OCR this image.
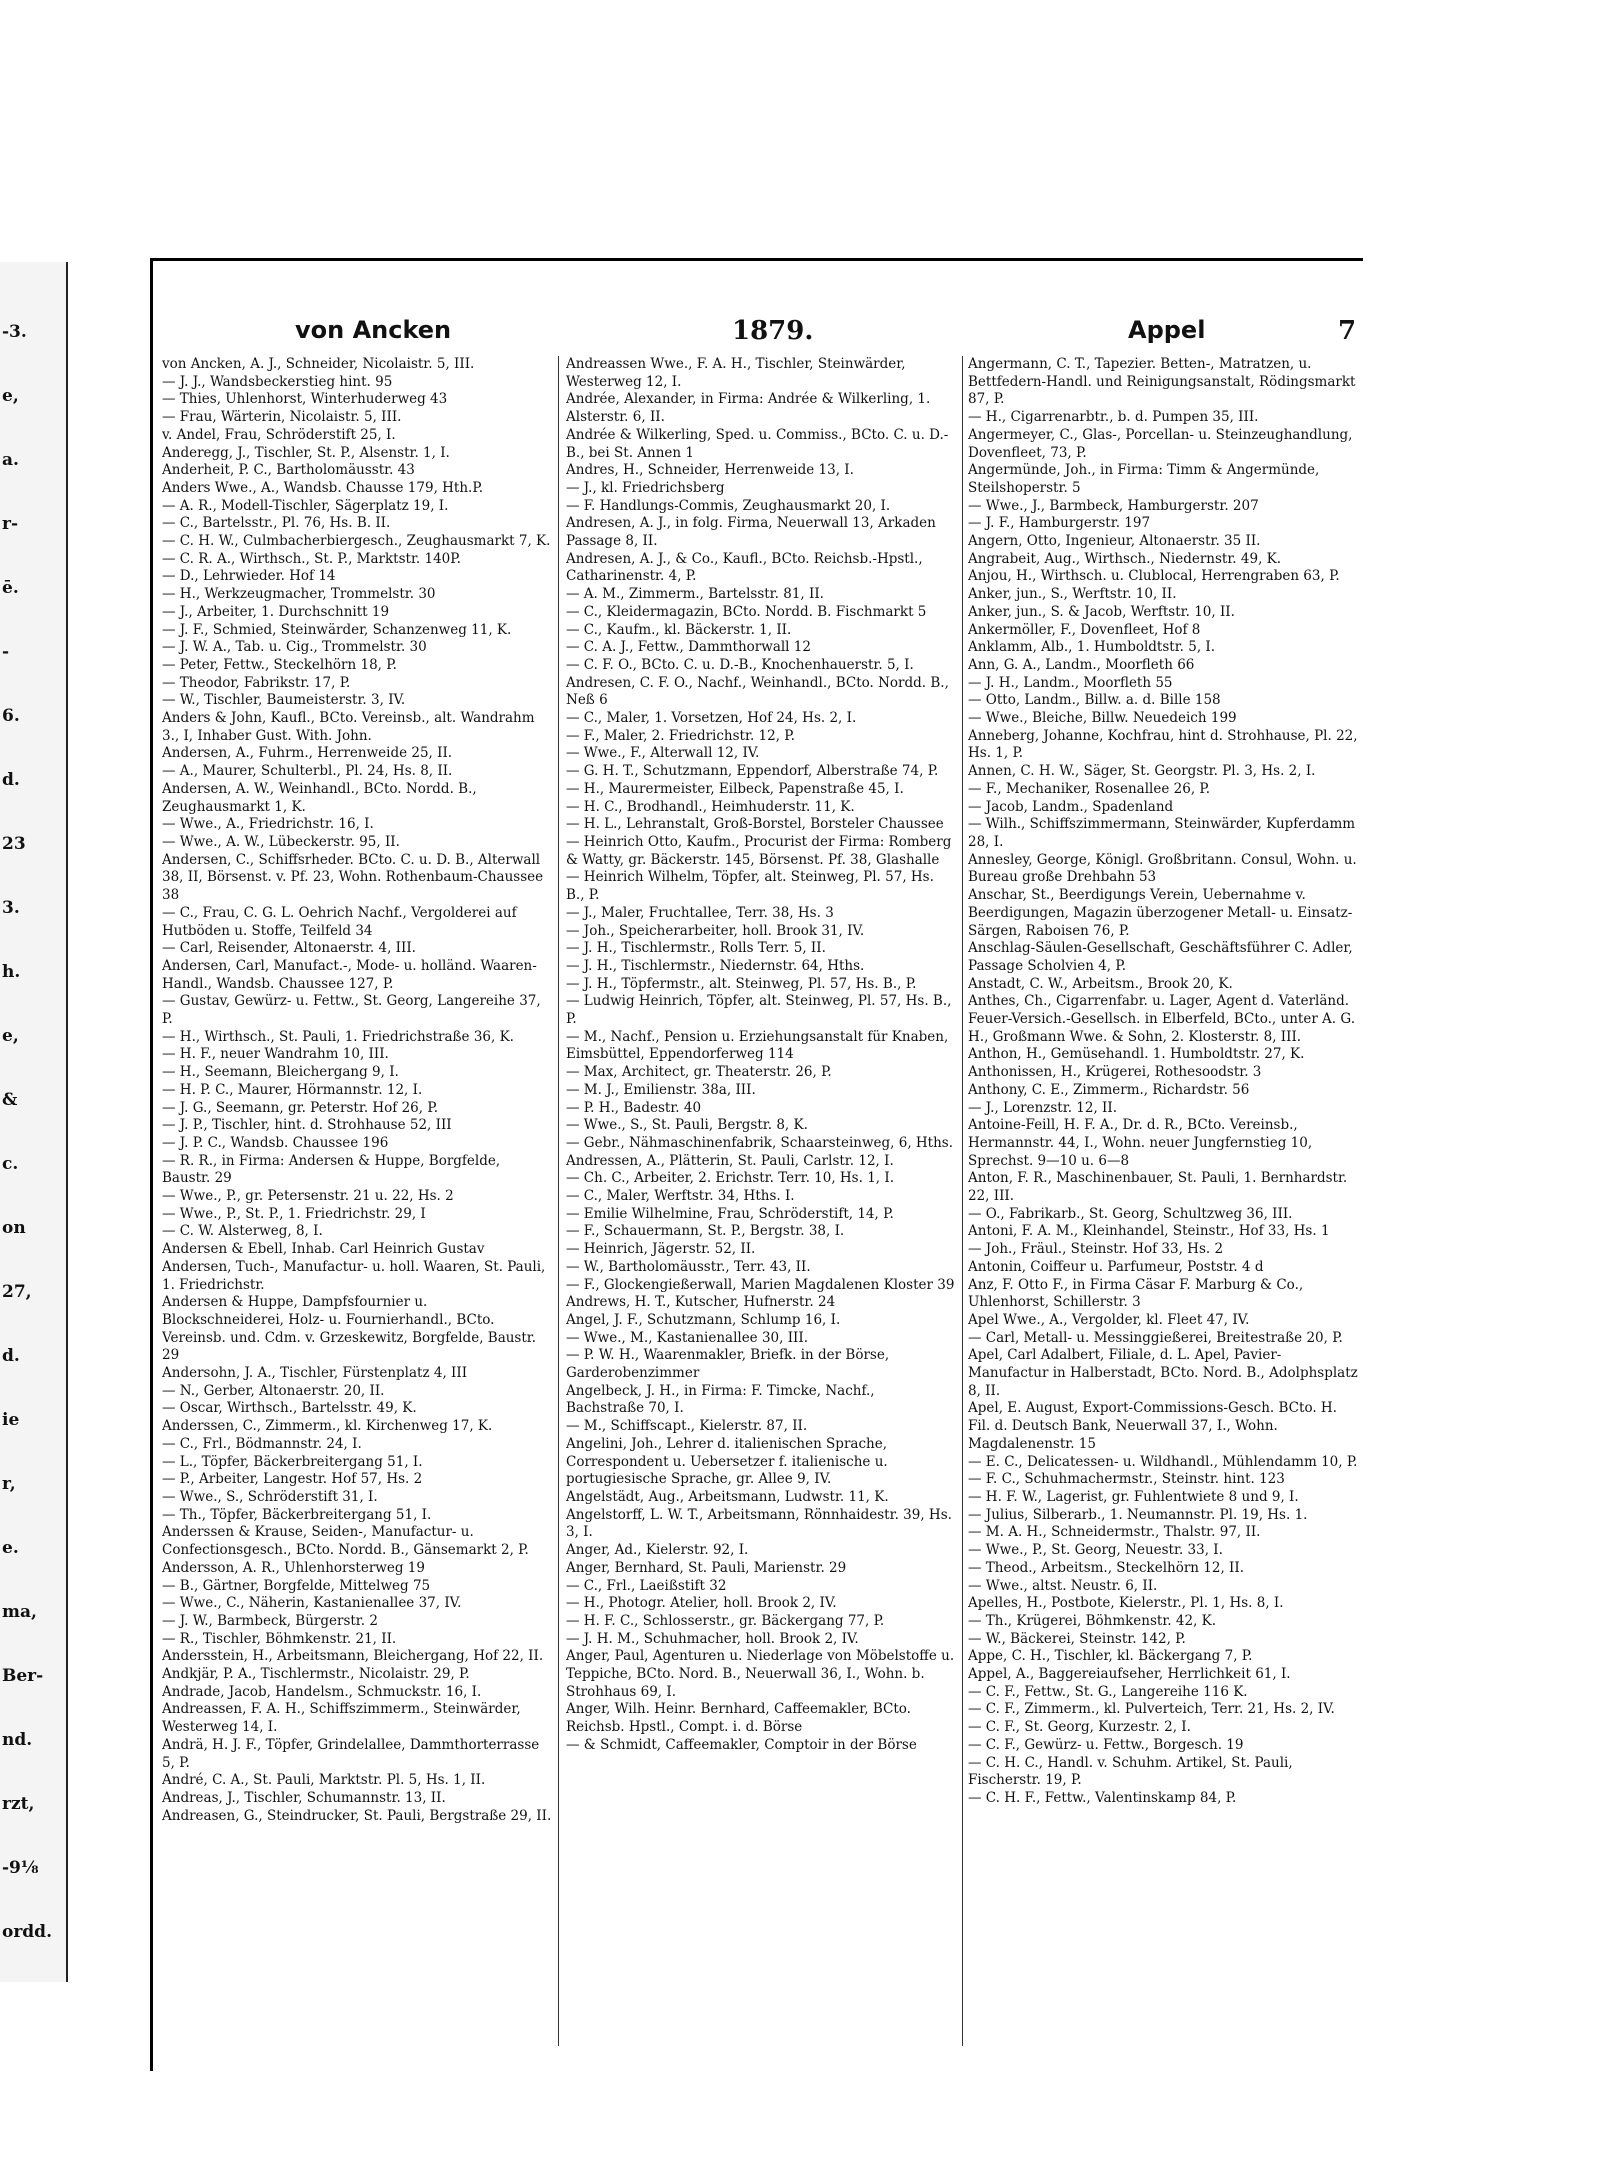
-3.
e,
a.
r-
ē.
-
6.
d.
23
3.
h.
e,
&
c.
on
27,
d.
ie
r,
e.
ma,
Ber-
nd.
rzt,
-9⅛
ordd.
von Ancken	1879.	Appel	7
von Ancken, A. J., Schneider, Nicolaistr. 5, III.
— J. J., Wandsbeckerstieg hint. 95
— Thies, Uhlenhorst, Winterhuderweg 43
— Frau, Wärterin, Nicolaistr. 5, III.
v. Andel, Frau, Schröderstift 25, I.
Anderegg, J., Tischler, St. P., Alsenstr. 1, I.
Anderheit, P. C., Bartholomäusstr. 43
Anders Wwe., A., Wandsb. Chausse 179, Hth.P.
— A. R., Modell-Tischler, Sägerplatz 19, I.
— C., Bartelsstr., Pl. 76, Hs. B. II.
— C. H. W., Culmbacherbiergesch., Zeughausmarkt 7, K.
— C. R. A., Wirthsch., St. P., Marktstr. 140P.
— D., Lehrwieder. Hof 14
— H., Werkzeugmacher, Trommelstr. 30
— J., Arbeiter, 1. Durchschnitt 19
— J. F., Schmied, Steinwärder, Schanzenweg 11, K.
— J. W. A., Tab. u. Cig., Trommelstr. 30
— Peter, Fettw., Steckelhörn 18, P.
— Theodor, Fabrikstr. 17, P.
— W., Tischler, Baumeisterstr. 3, IV.
Anders & John, Kaufl., BCto. Vereinsb., alt. Wandrahm 3., I, Inhaber Gust. With. John.
Andersen, A., Fuhrm., Herrenweide 25, II.
— A., Maurer, Schulterbl., Pl. 24, Hs. 8, II.
Andersen, A. W., Weinhandl., BCto. Nordd. B., Zeughausmarkt 1, K.
— Wwe., A., Friedrichstr. 16, I.
— Wwe., A. W., Lübeckerstr. 95, II.
Andersen, C., Schiffsrheder. BCto. C. u. D. B., Alterwall 38, II, Börsenst. v. Pf. 23, Wohn. Rothenbaum-Chaussee 38
— C., Frau, C. G. L. Oehrich Nachf., Vergolderei auf Hutböden u. Stoffe, Teilfeld 34
— Carl, Reisender, Altonaerstr. 4, III.
Andersen, Carl, Manufact.-, Mode- u. holländ. Waaren-Handl., Wandsb. Chaussee 127, P.
— Gustav, Gewürz- u. Fettw., St. Georg, Langereihe 37, P.
— H., Wirthsch., St. Pauli, 1. Friedrichstraße 36, K.
— H. F., neuer Wandrahm 10, III.
— H., Seemann, Bleichergang 9, I.
— H. P. C., Maurer, Hörmannstr. 12, I.
— J. G., Seemann, gr. Peterstr. Hof 26, P.
— J. P., Tischler, hint. d. Strohhause 52, III
— J. P. C., Wandsb. Chaussee 196
— R. R., in Firma: Andersen & Huppe, Borgfelde, Baustr. 29
— Wwe., P., gr. Petersenstr. 21 u. 22, Hs. 2
— Wwe., P., St. P., 1. Friedrichstr. 29, I
— C. W. Alsterweg, 8, I.
Andersen & Ebell, Inhab. Carl Heinrich Gustav Andersen, Tuch-, Manufactur- u. holl. Waaren, St. Pauli, 1. Friedrichstr.
Andersen & Huppe, Dampfsfournier u. Blockschneiderei, Holz- u. Fournierhandl., BCto. Vereinsb. und. Cdm. v. Grzeskewitz, Borgfelde, Baustr. 29
Andersohn, J. A., Tischler, Fürstenplatz 4, III
— N., Gerber, Altonaerstr. 20, II.
— Oscar, Wirthsch., Bartelsstr. 49, K.
Anderssen, C., Zimmerm., kl. Kirchenweg 17, K.
— C., Frl., Bödmannstr. 24, I.
— L., Töpfer, Bäckerbreitergang 51, I.
— P., Arbeiter, Langestr. Hof 57, Hs. 2
— Wwe., S., Schröderstift 31, I.
— Th., Töpfer, Bäckerbreitergang 51, I.
Anderssen & Krause, Seiden-, Manufactur- u. Confectionsgesch., BCto. Nordd. B., Gänsemarkt 2, P.
Andersson, A. R., Uhlenhorsterweg 19
— B., Gärtner, Borgfelde, Mittelweg 75
— Wwe., C., Näherin, Kastanienallee 37, IV.
— J. W., Barmbeck, Bürgerstr. 2
— R., Tischler, Böhmkenstr. 21, II.
Andersstein, H., Arbeitsmann, Bleichergang, Hof 22, II.
Andkjär, P. A., Tischlermstr., Nicolaistr. 29, P.
Andrade, Jacob, Handelsm., Schmuckstr. 16, I.
Andreassen, F. A. H., Schiffszimmerm., Steinwärder, Westerweg 14, I.
Andrä, H. J. F., Töpfer, Grindelallee, Dammthorterrasse 5, P.
André, C. A., St. Pauli, Marktstr. Pl. 5, Hs. 1, II.
Andreas, J., Tischler, Schumannstr. 13, II.
Andreasen, G., Steindrucker, St. Pauli, Bergstraße 29, II.
Andreassen Wwe., F. A. H., Tischler, Steinwärder, Westerweg 12, I.
Andrée, Alexander, in Firma: Andrée & Wilkerling, 1. Alsterstr. 6, II.
Andrée & Wilkerling, Sped. u. Commiss., BCto. C. u. D.-B., bei St. Annen 1
Andres, H., Schneider, Herrenweide 13, I.
— J., kl. Friedrichsberg
— F. Handlungs-Commis, Zeughausmarkt 20, I.
Andresen, A. J., in folg. Firma, Neuerwall 13, Arkaden Passage 8, II.
Andresen, A. J., & Co., Kaufl., BCto. Reichsb.-Hpstl., Catharinenstr. 4, P.
— A. M., Zimmerm., Bartelsstr. 81, II.
— C., Kleidermagazin, BCto. Nordd. B. Fischmarkt 5
— C., Kaufm., kl. Bäckerstr. 1, II.
— C. A. J., Fettw., Dammthorwall 12
— C. F. O., BCto. C. u. D.-B., Knochenhauerstr. 5, I.
Andresen, C. F. O., Nachf., Weinhandl., BCto. Nordd. B., Neß 6
— C., Maler, 1. Vorsetzen, Hof 24, Hs. 2, I.
— F., Maler, 2. Friedrichstr. 12, P.
— Wwe., F., Alterwall 12, IV.
— G. H. T., Schutzmann, Eppendorf, Alberstraße 74, P.
— H., Maurermeister, Eilbeck, Papenstraße 45, I.
— H. C., Brodhandl., Heimhuderstr. 11, K.
— H. L., Lehranstalt, Groß-Borstel, Borsteler Chaussee
— Heinrich Otto, Kaufm., Procurist der Firma: Romberg & Watty, gr. Bäckerstr. 145, Börsenst. Pf. 38, Glashalle
— Heinrich Wilhelm, Töpfer, alt. Steinweg, Pl. 57, Hs. B., P.
— J., Maler, Fruchtallee, Terr. 38, Hs. 3
— Joh., Speicherarbeiter, holl. Brook 31, IV.
— J. H., Tischlermstr., Rolls Terr. 5, II.
— J. H., Tischlermstr., Niedernstr. 64, Hths.
— J. H., Töpfermstr., alt. Steinweg, Pl. 57, Hs. B., P.
— Ludwig Heinrich, Töpfer, alt. Steinweg, Pl. 57, Hs. B., P.
— M., Nachf., Pension u. Erziehungsanstalt für Knaben, Eimsbüttel, Eppendorferweg 114
— Max, Architect, gr. Theaterstr. 26, P.
— M. J., Emilienstr. 38a, III.
— P. H., Badestr. 40
— Wwe., S., St. Pauli, Bergstr. 8, K.
— Gebr., Nähmaschinenfabrik, Schaarsteinweg, 6, Hths.
Andressen, A., Plätterin, St. Pauli, Carlstr. 12, I.
— Ch. C., Arbeiter, 2. Erichstr. Terr. 10, Hs. 1, I.
— C., Maler, Werftstr. 34, Hths. I.
— Emilie Wilhelmine, Frau, Schröderstift, 14, P.
— F., Schauermann, St. P., Bergstr. 38, I.
— Heinrich, Jägerstr. 52, II.
— W., Bartholomäusstr., Terr. 43, II.
— F., Glockengießerwall, Marien Magdalenen Kloster 39
Andrews, H. T., Kutscher, Hufnerstr. 24
Angel, J. F., Schutzmann, Schlump 16, I.
— Wwe., M., Kastanienallee 30, III.
— P. W. H., Waarenmakler, Briefk. in der Börse, Garderobenzimmer
Angelbeck, J. H., in Firma: F. Timcke, Nachf., Bachstraße 70, I.
— M., Schiffscapt., Kielerstr. 87, II.
Angelini, Joh., Lehrer d. italienischen Sprache, Correspondent u. Uebersetzer f. italienische u. portugiesische Sprache, gr. Allee 9, IV.
Angelstädt, Aug., Arbeitsmann, Ludwstr. 11, K.
Angelstorff, L. W. T., Arbeitsmann, Rönnhaidestr. 39, Hs. 3, I.
Anger, Ad., Kielerstr. 92, I.
Anger, Bernhard, St. Pauli, Marienstr. 29
— C., Frl., Laeißstift 32
— H., Photogr. Atelier, holl. Brook 2, IV.
— H. F. C., Schlosserstr., gr. Bäckergang 77, P.
— J. H. M., Schuhmacher, holl. Brook 2, IV.
Anger, Paul, Agenturen u. Niederlage von Möbelstoffe u. Teppiche, BCto. Nord. B., Neuerwall 36, I., Wohn. b. Strohhaus 69, I.
Anger, Wilh. Heinr. Bernhard, Caffeemakler, BCto. Reichsb. Hpstl., Compt. i. d. Börse
— & Schmidt, Caffeemakler, Comptoir in der Börse
Angermann, C. T., Tapezier. Betten-, Matratzen, u. Bettfedern-Handl. und Reinigungsanstalt, Rödingsmarkt 87, P.
— H., Cigarrenarbtr., b. d. Pumpen 35, III.
Angermeyer, C., Glas-, Porcellan- u. Steinzeughandlung, Dovenfleet, 73, P.
Angermünde, Joh., in Firma: Timm & Angermünde, Steilshoperstr. 5
— Wwe., J., Barmbeck, Hamburgerstr. 207
— J. F., Hamburgerstr. 197
Angern, Otto, Ingenieur, Altonaerstr. 35 II.
Angrabeit, Aug., Wirthsch., Niedernstr. 49, K.
Anjou, H., Wirthsch. u. Clublocal, Herrengraben 63, P.
Anker, jun., S., Werftstr. 10, II.
Anker, jun., S. & Jacob, Werftstr. 10, II.
Ankermöller, F., Dovenfleet, Hof 8
Anklamm, Alb., 1. Humboldtstr. 5, I.
Ann, G. A., Landm., Moorfleth 66
— J. H., Landm., Moorfleth 55
— Otto, Landm., Billw. a. d. Bille 158
— Wwe., Bleiche, Billw. Neuedeich 199
Anneberg, Johanne, Kochfrau, hint d. Strohhause, Pl. 22, Hs. 1, P.
Annen, C. H. W., Säger, St. Georgstr. Pl. 3, Hs. 2, I.
— F., Mechaniker, Rosenallee 26, P.
— Jacob, Landm., Spadenland
— Wilh., Schiffszimmermann, Steinwärder, Kupferdamm 28, I.
Annesley, George, Königl. Großbritann. Consul, Wohn. u. Bureau große Drehbahn 53
Anschar, St., Beerdigungs Verein, Uebernahme v. Beerdigungen, Magazin überzogener Metall- u. Einsatz-Särgen, Raboisen 76, P.
Anschlag-Säulen-Gesellschaft, Geschäftsführer C. Adler, Passage Scholvien 4, P.
Anstadt, C. W., Arbeitsm., Brook 20, K.
Anthes, Ch., Cigarrenfabr. u. Lager, Agent d. Vaterländ. Feuer-Versich.-Gesellsch. in Elberfeld, BCto., unter A. G. H., Großmann Wwe. & Sohn, 2. Klosterstr. 8, III.
Anthon, H., Gemüsehandl. 1. Humboldtstr. 27, K.
Anthonissen, H., Krügerei, Rothesoodstr. 3
Anthony, C. E., Zimmerm., Richardstr. 56
— J., Lorenzstr. 12, II.
Antoine-Feill, H. F. A., Dr. d. R., BCto. Vereinsb., Hermannstr. 44, I., Wohn. neuer Jungfernstieg 10, Sprechst. 9—10 u. 6—8
Anton, F. R., Maschinenbauer, St. Pauli, 1. Bernhardstr. 22, III.
— O., Fabrikarb., St. Georg, Schultzweg 36, III.
Antoni, F. A. M., Kleinhandel, Steinstr., Hof 33, Hs. 1
— Joh., Fräul., Steinstr. Hof 33, Hs. 2
Antonin, Coiffeur u. Parfumeur, Poststr. 4 d
Anz, F. Otto F., in Firma Cäsar F. Marburg & Co., Uhlenhorst, Schillerstr. 3
Apel Wwe., A., Vergolder, kl. Fleet 47, IV.
— Carl, Metall- u. Messinggießerei, Breitestraße 20, P.
Apel, Carl Adalbert, Filiale, d. L. Apel, Pavier-Manufactur in Halberstadt, BCto. Nord. B., Adolphsplatz 8, II.
Apel, E. August, Export-Commissions-Gesch. BCto. H. Fil. d. Deutsch Bank, Neuerwall 37, I., Wohn. Magdalenenstr. 15
— E. C., Delicatessen- u. Wildhandl., Mühlendamm 10, P.
— F. C., Schuhmachermstr., Steinstr. hint. 123
— H. F. W., Lagerist, gr. Fuhlentwiete 8 und 9, I.
— Julius, Silberarb., 1. Neumannstr. Pl. 19, Hs. 1.
— M. A. H., Schneidermstr., Thalstr. 97, II.
— Wwe., P., St. Georg, Neuestr. 33, I.
— Theod., Arbeitsm., Steckelhörn 12, II.
— Wwe., altst. Neustr. 6, II.
Apelles, H., Postbote, Kielerstr., Pl. 1, Hs. 8, I.
— Th., Krügerei, Böhmkenstr. 42, K.
— W., Bäckerei, Steinstr. 142, P.
Appe, C. H., Tischler, kl. Bäckergang 7, P.
Appel, A., Baggereiaufseher, Herrlichkeit 61, I.
— C. F., Fettw., St. G., Langereihe 116 K.
— C. F., Zimmerm., kl. Pulverteich, Terr. 21, Hs. 2, IV.
— C. F., St. Georg, Kurzestr. 2, I.
— C. F., Gewürz- u. Fettw., Borgesch. 19
— C. H. C., Handl. v. Schuhm. Artikel, St. Pauli, Fischerstr. 19, P.
— C. H. F., Fettw., Valentinskamp 84, P.
